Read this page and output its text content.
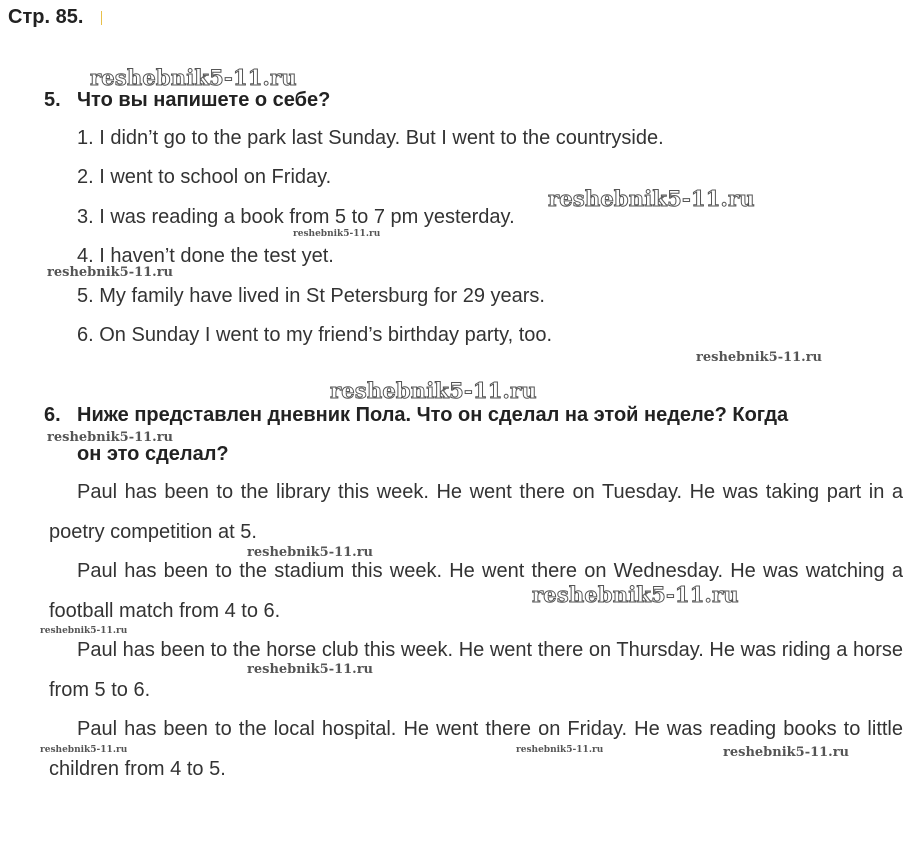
Стр. 85.
5. Что вы напишете о себе?
1. I didn’t go to the park last Sunday. But I went to the countryside.
2. I went to school on Friday.
3. I was reading a book from 5 to 7 pm yesterday.
4. I haven’t done the test yet.
5. My family have lived in St Petersburg for 29 years.
6. On Sunday I went to my friend’s birthday party, too.
6. Ниже представлен дневник Пола. Что он сделал на этой неделе? Когда
он это сделал?

Paul has been to the library this week. He went there on Tuesday. He was taking part in a poetry competition at 5.

Paul has been to the stadium this week. He went there on Wednesday. He was watching a football match from 4 to 6.

Paul has been to the horse club this week. He went there on Thursday. He was riding a horse from 5 to 6.

Paul has been to the local hospital. He went there on Friday. He was reading books to little children from 4 to 5.

reshebnik5-11.ru
reshebnik5-11.ru
reshebnik5-11.ru
reshebnik5-11.ru
reshebnik5-11.ru
reshebnik5-11.ru
reshebnik5-11.ru
reshebnik5-11.ru
reshebnik5-11.ru
reshebnik5-11.ru
reshebnik5-11.ru
reshebnik5-11.ru	reshebnik5-11.ru	reshebnik5-11.ru
